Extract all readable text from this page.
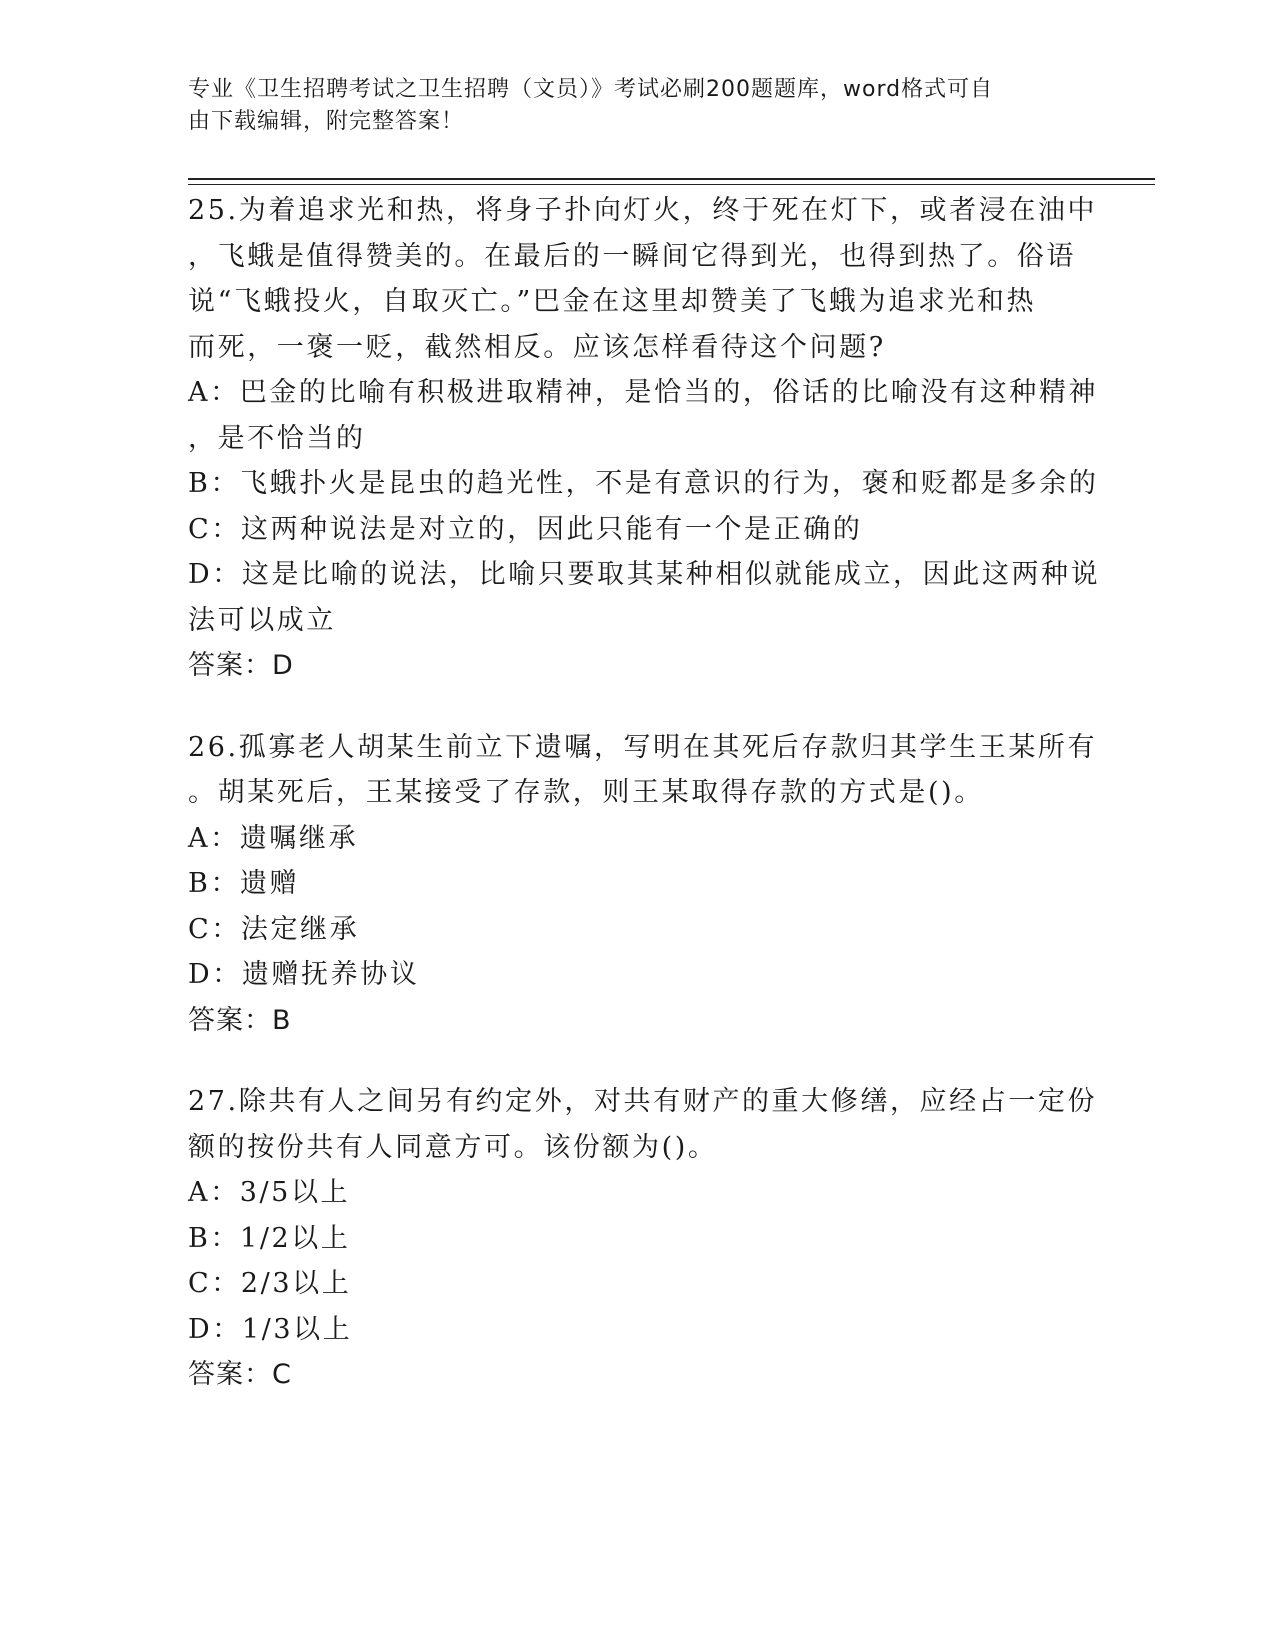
专业《卫生招聘考试之卫生招聘（文员）》考试必刷200题题库，word格式可自
由下载编辑，附完整答案！
25.为着追求光和热，将身子扑向灯火，终于死在灯下，或者浸在油中
，飞蛾是值得赞美的。在最后的一瞬间它得到光，也得到热了。俗语
说“飞蛾投火，自取灭亡。”巴金在这里却赞美了飞蛾为追求光和热
而死，一褒一贬，截然相反。应该怎样看待这个问题?
A：巴金的比喻有积极进取精神，是恰当的，俗话的比喻没有这种精神
，是不恰当的
B：飞蛾扑火是昆虫的趋光性，不是有意识的行为，褒和贬都是多余的
C：这两种说法是对立的，因此只能有一个是正确的
D：这是比喻的说法，比喻只要取其某种相似就能成立，因此这两种说
法可以成立
答案：D
26.孤寡老人胡某生前立下遗嘱，写明在其死后存款归其学生王某所有
。胡某死后，王某接受了存款，则王某取得存款的方式是()。
A：遗嘱继承
B：遗赠
C：法定继承
D：遗赠抚养协议
答案：B
27.除共有人之间另有约定外，对共有财产的重大修缮，应经占一定份
额的按份共有人同意方可。该份额为()。
A：3/5以上
B：1/2以上
C：2/3以上
D：1/3以上
答案：C
